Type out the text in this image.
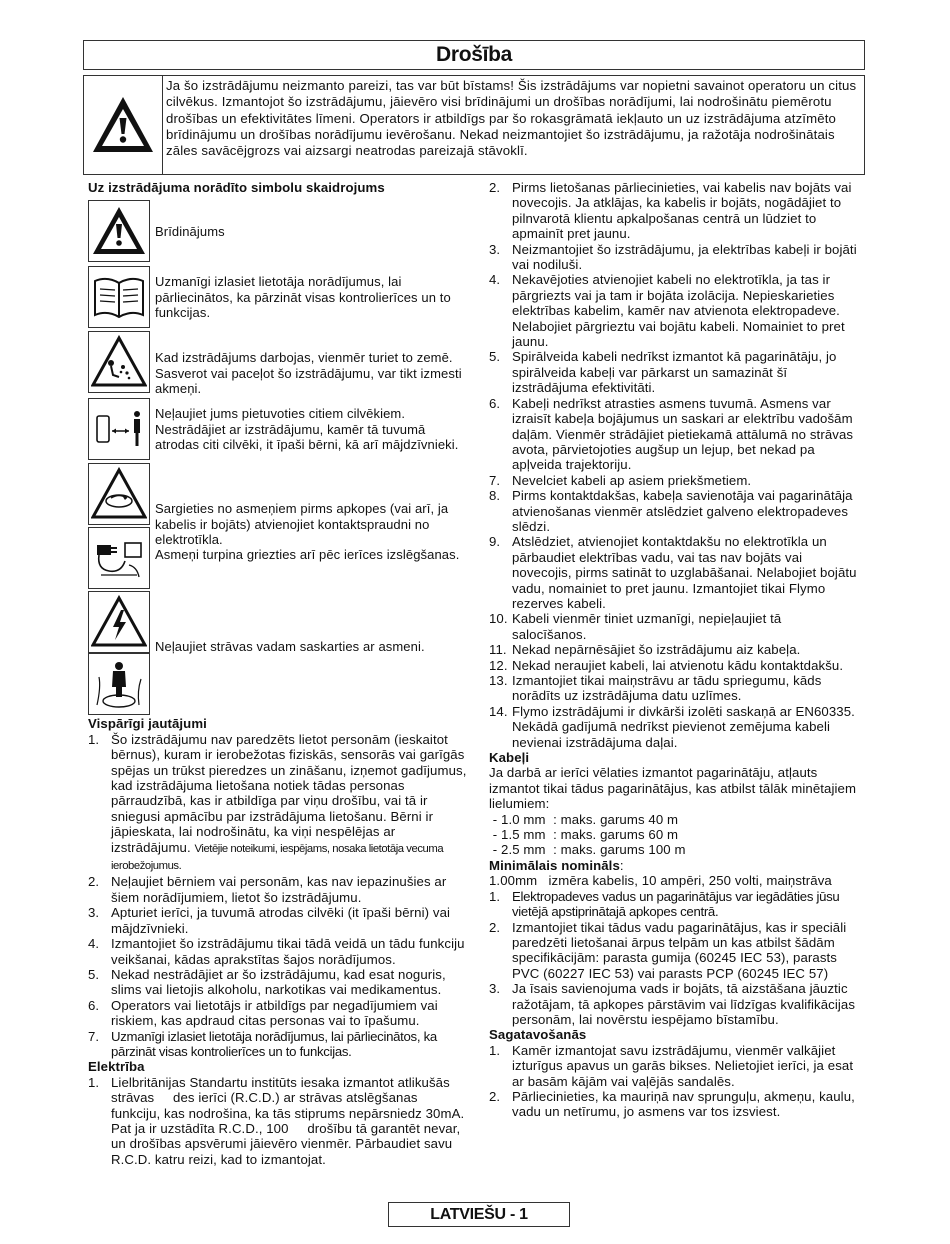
Drošība
Ja šo izstrādājumu neizmanto pareizi, tas var būt bīstams! Šis izstrādājums var nopietni savainot operatoru un citus cilvēkus. Izmantojot šo izstrādājumu, jāievēro visi brīdinājumi un drošības norādījumi, lai nodrošinātu piemērotu drošības un efektivitātes līmeni. Operators ir atbildīgs par šo rokasgrāmatā iekļauto un uz izstrādājuma atzīmēto brīdinājumu un drošības norādījumu ievērošanu. Nekad neizmantojiet šo izstrādājumu, ja ražotāja nodrošinātais zāles savācējgrozs vai aizsargi neatrodas pareizajā stāvoklī.
Uz izstrādājuma norādīto simbolu skaidrojums
Brīdinājums
Uzmanīgi izlasiet lietotāja norādījumus, lai pārliecinātos, ka pārzināt visas kontrolierīces un to funkcijas.
Kad izstrādājums darbojas, vienmēr turiet to zemē. Sasverot vai paceļot šo izstrādājumu, var tikt izmesti akmeņi.
Neļaujiet jums pietuvoties citiem cilvēkiem. Nestrādājiet ar izstrādājumu, kamēr tā tuvumā atrodas citi cilvēki, it īpaši bērni, kā arī mājdzīvnieki.
Sargieties no asmeņiem pirms apkopes (vai arī, ja kabelis ir bojāts) atvienojiet kontaktspraudni no elektrotīkla.
Asmeņi turpina griezties arī pēc ierīces izslēgšanas.
Neļaujiet strāvas vadam saskarties ar asmeni.
Vispārīgi jautājumi
1. Šo izstrādājumu nav paredzēts lietot personām (ieskaitot bērnus), kuram ir ierobežotas fiziskās, sensorās vai garīgās spējas un trūkst pieredzes un zināšanu, izņemot gadījumus, kad izstrādājuma lietošana notiek tādas personas pārraudzībā, kas ir atbildīga par viņu drošību, vai tā ir sniegusi apmācību par izstrādājuma lietošanu. Bērni ir jāpieskata, lai nodrošinātu, ka viņi nespēlējas ar izstrādājumu. Vietējie noteikumi, iespējams, nosaka lietotāja vecuma ierobežojumus.
2. Neļaujiet bērniem vai personām, kas nav iepazinušies ar šiem norādījumiem, lietot šo izstrādājumu.
3. Apturiet ierīci, ja tuvumā atrodas cilvēki (it īpaši bērni) vai mājdzīvnieki.
4. Izmantojiet šo izstrādājumu tikai tādā veidā un tādu funkciju veikšanai, kādas aprakstītas šajos norādījumos.
5. Nekad nestrādājiet ar šo izstrādājumu, kad esat noguris, slims vai lietojis alkoholu, narkotikas vai medikamentus.
6. Operators vai lietotājs ir atbildīgs par negadījumiem vai riskiem, kas apdraud citas personas vai to īpašumu.
7. Uzmanīgi izlasiet lietotāja norādījumus, lai pārliecinātos, ka pārzināt visas kontrolierīces un to funkcijas.
Elektrība
1. Lielbritānijas Standartu institūts iesaka izmantot atlikušās strāvas     des ierīci (R.C.D.) ar strāvas atslēgšanas funkciju, kas nodrošina, ka tās stiprums nepārsniedz 30mA. Pat ja ir uzstādīta R.C.D., 100     drošību tā garantēt nevar, un drošības apsvērumi jāievēro vienmēr. Pārbaudiet savu R.C.D. katru reizi, kad to izmantojat.
2. Pirms lietošanas pārliecinieties, vai kabelis nav bojāts vai novecojis. Ja atklājas, ka kabelis ir bojāts, nogādājiet to pilnvarotā klientu apkalpošanas centrā un lūdziet to apmainīt pret jaunu.
3. Neizmantojiet šo izstrādājumu, ja elektrības kabeļi ir bojāti vai nodiluši.
4. Nekavējoties atvienojiet kabeli no elektrotīkla, ja tas ir pārgriezts vai ja tam ir bojāta izolācija. Nepieskarieties elektrības kabelim, kamēr nav atvienota elektropadeve. Nelabojiet pārgrieztu vai bojātu kabeli. Nomainiet to pret jaunu.
5. Spirālveida kabeli nedrīkst izmantot kā pagarinātāju, jo spirālveida kabeļi var pārkarst un samazināt šī izstrādājuma efektivitāti.
6. Kabeļi nedrīkst atrasties asmens tuvumā. Asmens var izraisīt kabeļa bojājumus un saskari ar elektrību vadošām daļām. Vienmēr strādājiet pietiekamā attālumā no strāvas avota, pārvietojoties augšup un lejup, bet nekad pa apļveida trajektoriju.
7. Nevelciet kabeli ap asiem priekšmetiem.
8. Pirms kontaktdakšas, kabeļa savienotāja vai pagarinātāja atvienošanas vienmēr atslēdziet galveno elektropadeves slēdzi.
9. Atslēdziet, atvienojiet kontaktdakšu no elektrotīkla un pārbaudiet elektrības vadu, vai tas nav bojāts vai novecojis, pirms satināt to uzglabāšanai. Nelabojiet bojātu vadu, nomainiet to pret jaunu. Izmantojiet tikai Flymo rezerves kabeli.
10. Kabeli vienmēr tiniet uzmanīgi, nepieļaujiet tā salocīšanos.
11. Nekad nepārnēsājiet šo izstrādājumu aiz kabeļa.
12. Nekad neraujiet kabeli, lai atvienotu kādu kontaktdakšu.
13. Izmantojiet tikai maiņstrāvu ar tādu spriegumu, kāds norādīts uz izstrādājuma datu uzlīmes.
14. Flymo izstrādājumi ir divkārši izolēti saskaņā ar EN60335. Nekādā gadījumā nedrīkst pievienot zemējuma kabeli nevienai izstrādājuma daļai.
Kabeļi
Ja darbā ar ierīci vēlaties izmantot pagarinātāju, atļauts izmantot tikai tādus pagarinātājus, kas atbilst tālāk minētajiem lielumiem:
- 1.0 mm  : maks. garums 40 m
- 1.5 mm  : maks. garums 60 m
- 2.5 mm  : maks. garums 100 m
Minimālais nomināls:
1.00mm   izmēra kabelis, 10 ampēri, 250 volti, maiņstrāva
1. Elektropadeves vadus un pagarinātājus var iegādāties jūsu vietējā apstiprinātajā apkopes centrā.
2. Izmantojiet tikai tādus vadu pagarinātājus, kas ir speciāli paredzēti lietošanai ārpus telpām un kas atbilst šādām specifikācijām: parasta gumija (60245 IEC 53), parasts PVC (60227 IEC 53) vai parasts PCP (60245 IEC 57)
3. Ja īsais savienojuma vads ir bojāts, tā aizstāšana jāuztic ražotājam, tā apkopes pārstāvim vai līdzīgas kvalifikācijas personām, lai novērstu iespējamo bīstamību.
Sagatavošanās
1. Kamēr izmantojat savu izstrādājumu, vienmēr valkājiet izturīgus apavus un garās bikses. Nelietojiet ierīci, ja esat ar basām kājām vai vaļējās sandalēs.
2. Pārliecinieties, ka mauriņā nav sprunguļu, akmeņu, kaulu, vadu un netīrumu, jo asmens var tos izsviest.
LATVIEŠU - 1
